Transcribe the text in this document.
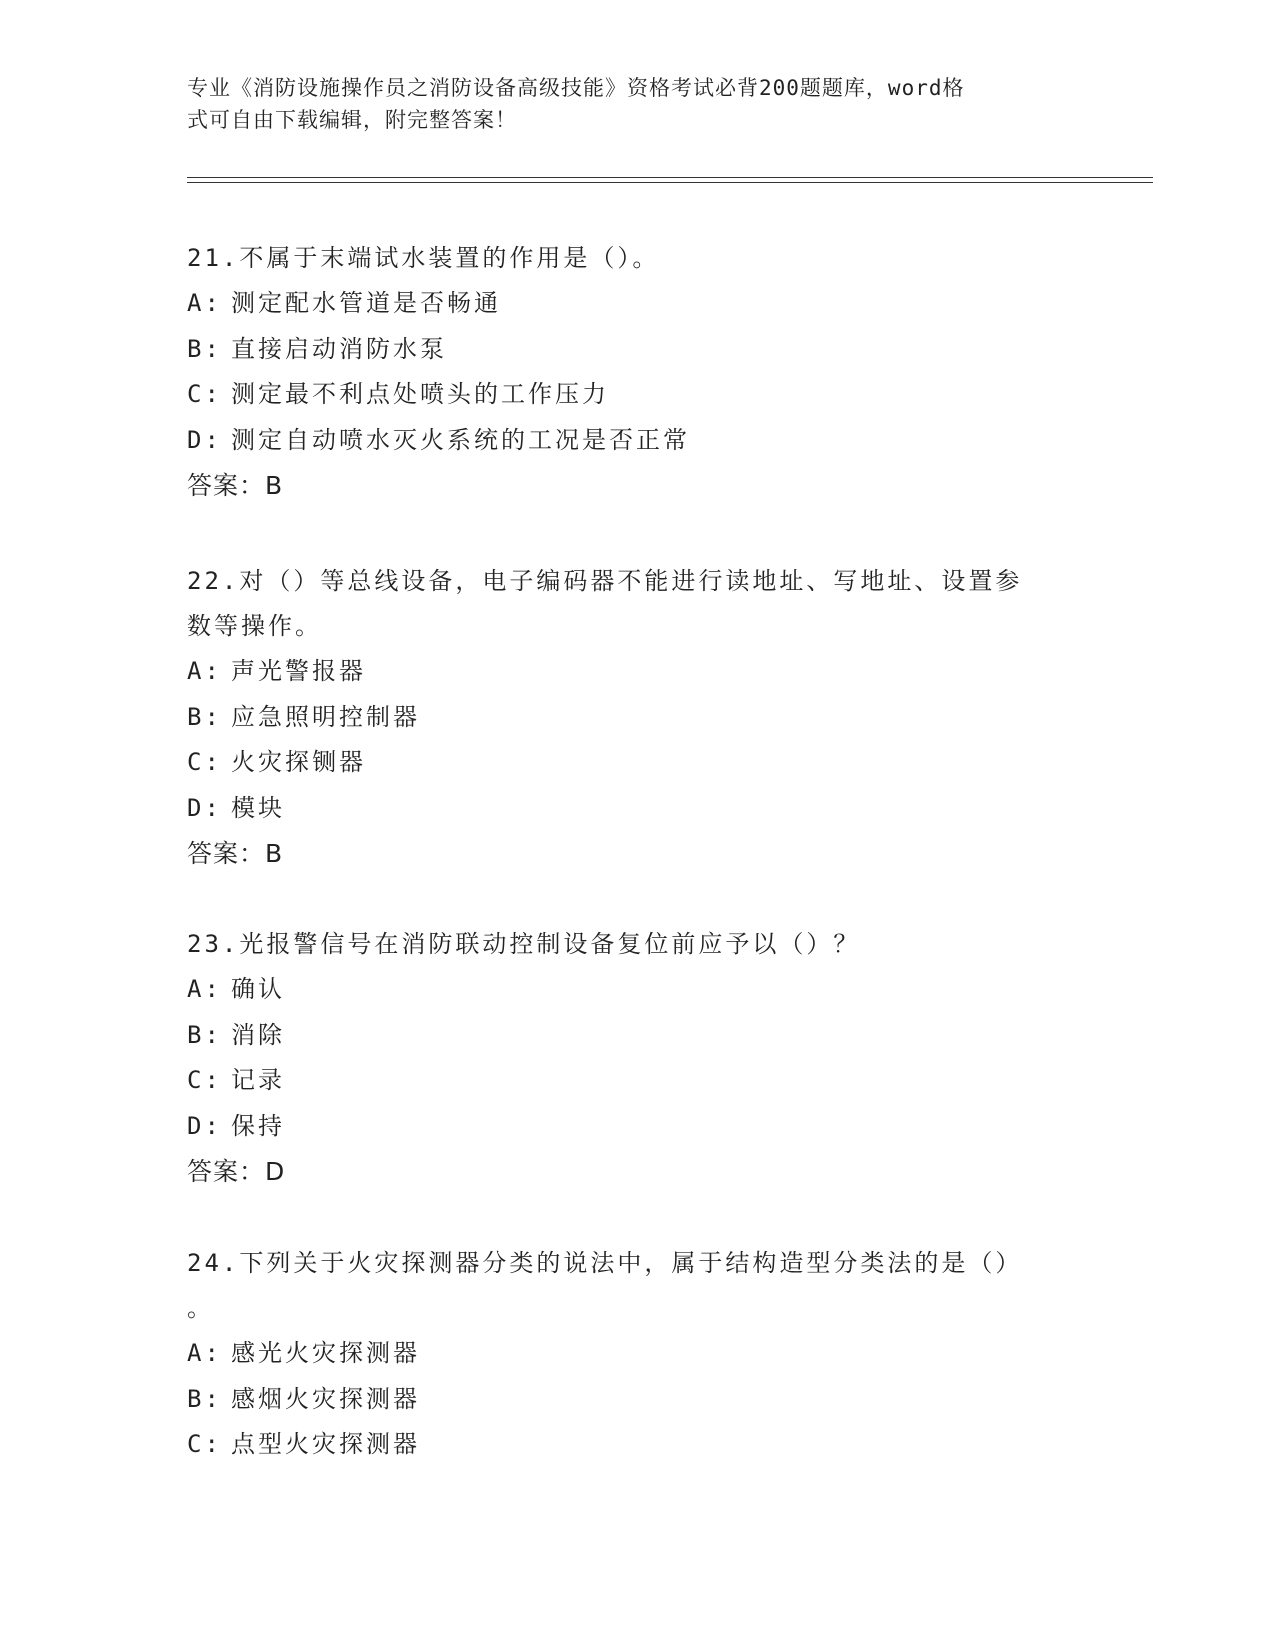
专业《消防设施操作员之消防设备高级技能》资格考试必背200题题库，word格
式可自由下载编辑，附完整答案！
21.不属于末端试水装置的作用是（）。
A: 测定配水管道是否畅通
B: 直接启动消防水泵
C: 测定最不利点处喷头的工作压力
D: 测定自动喷水灭火系统的工况是否正常
答案：B
22.对（）等总线设备，电子编码器不能进行读地址、写地址、设置参
数等操作。
A: 声光警报器
B: 应急照明控制器
C: 火灾探铡器
D: 模块
答案：B
23.光报警信号在消防联动控制设备复位前应予以（）？
A: 确认
B: 消除
C: 记录
D: 保持
答案：D
24.下列关于火灾探测器分类的说法中，属于结构造型分类法的是（）
。
A: 感光火灾探测器
B: 感烟火灾探测器
C: 点型火灾探测器
